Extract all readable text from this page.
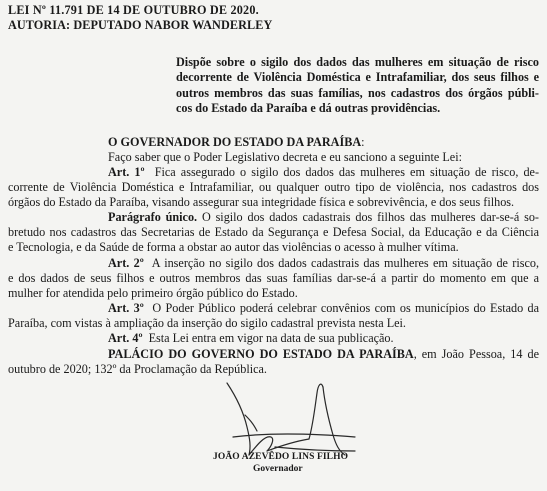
LEI Nº 11.791 DE 14 DE OUTUBRO DE 2020.
AUTORIA: DEPUTADO NABOR WANDERLEY
Dispõe sobre o sigilo dos dados das mulheres em situação de risco
decorrente de Violência Doméstica e Intrafamiliar, dos seus filhos e
outros membros das suas famílias, nos cadastros dos órgãos públi-
cos do Estado da Paraíba e dá outras providências.
O GOVERNADOR DO ESTADO DA PARAÍBA:
Faço saber que o Poder Legislativo decreta e eu sanciono a seguinte Lei:
Art. 1º Fica assegurado o sigilo dos dados das mulheres em situação de risco, de-
corrente de Violência Doméstica e Intrafamiliar, ou qualquer outro tipo de violência, nos cadastros dos
órgãos do Estado da Paraíba, visando assegurar sua integridade física e sobrevivência, e dos seus filhos.
Parágrafo único. O sigilo dos dados cadastrais dos filhos das mulheres dar-se-á so-
bretudo nos cadastros das Secretarias de Estado da Segurança e Defesa Social, da Educação e da Ciência
e Tecnologia, e da Saúde de forma a obstar ao autor das violências o acesso à mulher vítima.
Art. 2º A inserção no sigilo dos dados cadastrais das mulheres em situação de risco,
e dos dados de seus filhos e outros membros das suas famílias dar-se-á a partir do momento em que a
mulher for atendida pelo primeiro órgão público do Estado.
Art. 3º O Poder Público poderá celebrar convênios com os municípios do Estado da
Paraíba, com vistas à ampliação da inserção do sigilo cadastral prevista nesta Lei.
Art. 4º Esta Lei entra em vigor na data de sua publicação.
PALÁCIO DO GOVERNO DO ESTADO DA PARAÍBA, em João Pessoa, 14 de
outubro de 2020; 132º da Proclamação da República.
JOÃO AZEVÊDO LINS FILHO
Governador
